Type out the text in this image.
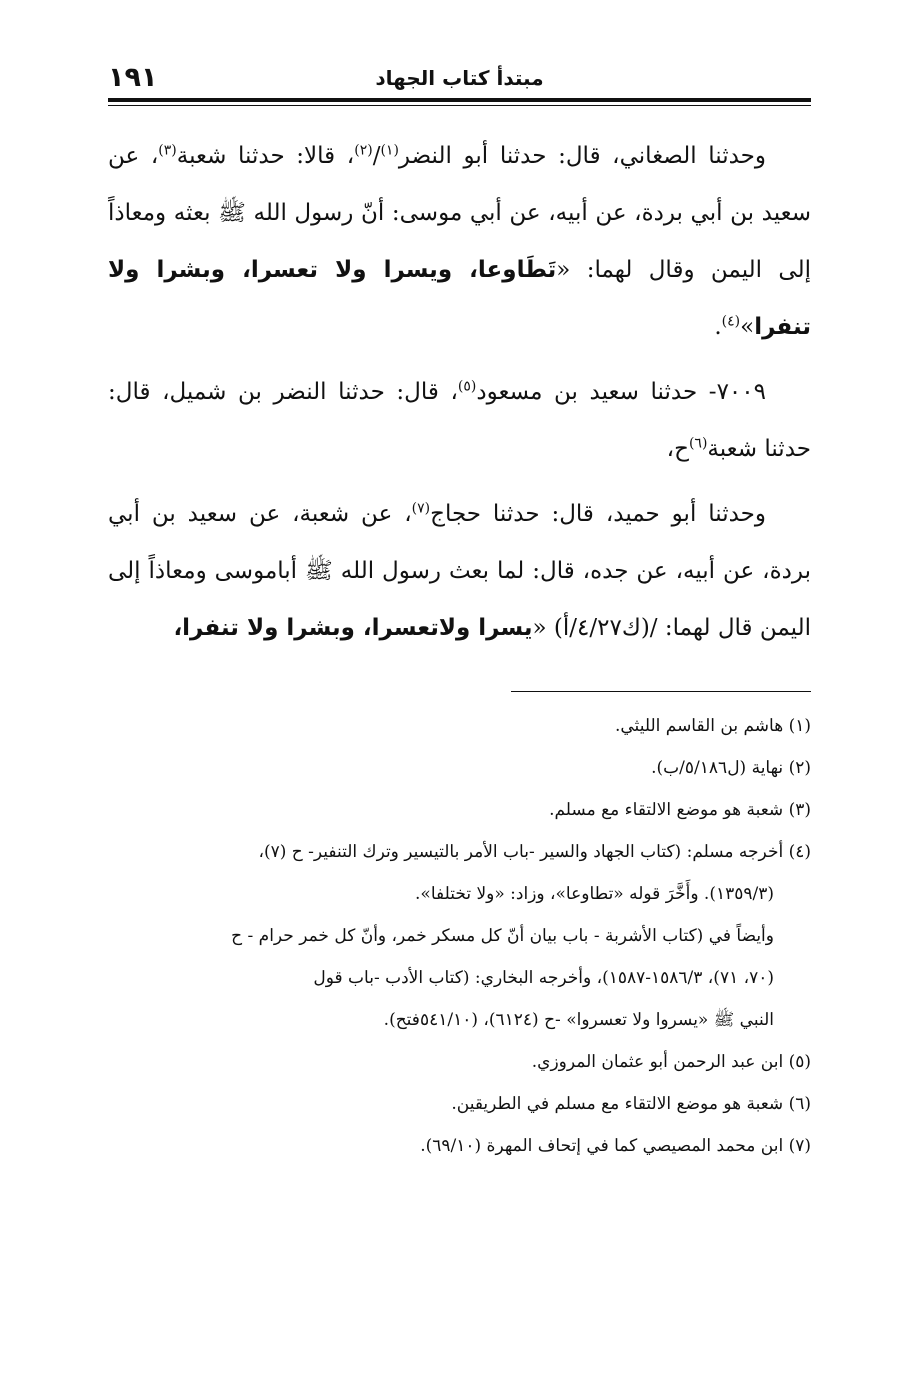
مبتدأ كتاب الجهاد
١٩١

وحدثنا الصغاني، قال: حدثنا أبو النضر$^{(١)}$/$^{(٢)}$، قالا: حدثنا شعبة$^{(٣)}$، عن سعيد بن أبي بردة، عن أبيه، عن أبي موسى: أنّ رسول الله ﷺ بعثه ومعاذاً إلى اليمن وقال لهما: «تَطَاوعا، ويسرا ولا تعسرا، وبشرا ولا تنفرا»$^{(٤)}$.

٧٠٠٩- حدثنا سعيد بن مسعود$^{(٥)}$، قال: حدثنا النضر بن شميل، قال: حدثنا شعبة$^{(٦)}$ح،

وحدثنا أبو حميد، قال: حدثنا حجاج$^{(٧)}$، عن شعبة، عن سعيد بن أبي بردة، عن أبيه، عن جده، قال: لما بعث رسول الله ﷺ أباموسى ومعاذاً إلى اليمن قال لهما: /(ك٤/٢٧/أ) «يسرا ولاتعسرا، وبشرا ولا تنفرا،

(١) هاشم بن القاسم الليثي.

(٢) نهاية (ل٥/١٨٦/ب).

(٣) شعبة هو موضع الالتقاء مع مسلم.

(٤) أخرجه مسلم: (كتاب الجهاد والسير -باب الأمر بالتيسير وترك التنفير- ح (٧)،

(١٣٥٩/٣). وأَخَّرَ قوله «تطاوعا»، وزاد: «ولا تختلفا».

وأيضاً في (كتاب الأشربة - باب بيان أنّ كل مسكر خمر، وأنّ كل خمر حرام - ح

(٧٠، ٧١)، ١٥٨٦/٣-١٥٨٧)، وأخرجه البخاري: (كتاب الأدب -باب قول

النبي ﷺ «يسروا ولا تعسروا» -ح (٦١٢٤)، (٥٤١/١٠فتح).

(٥) ابن عبد الرحمن أبو عثمان المروزي.

(٦) شعبة هو موضع الالتقاء مع مسلم في الطريقين.

(٧) ابن محمد المصيصي كما في إتحاف المهرة (٦٩/١٠).
